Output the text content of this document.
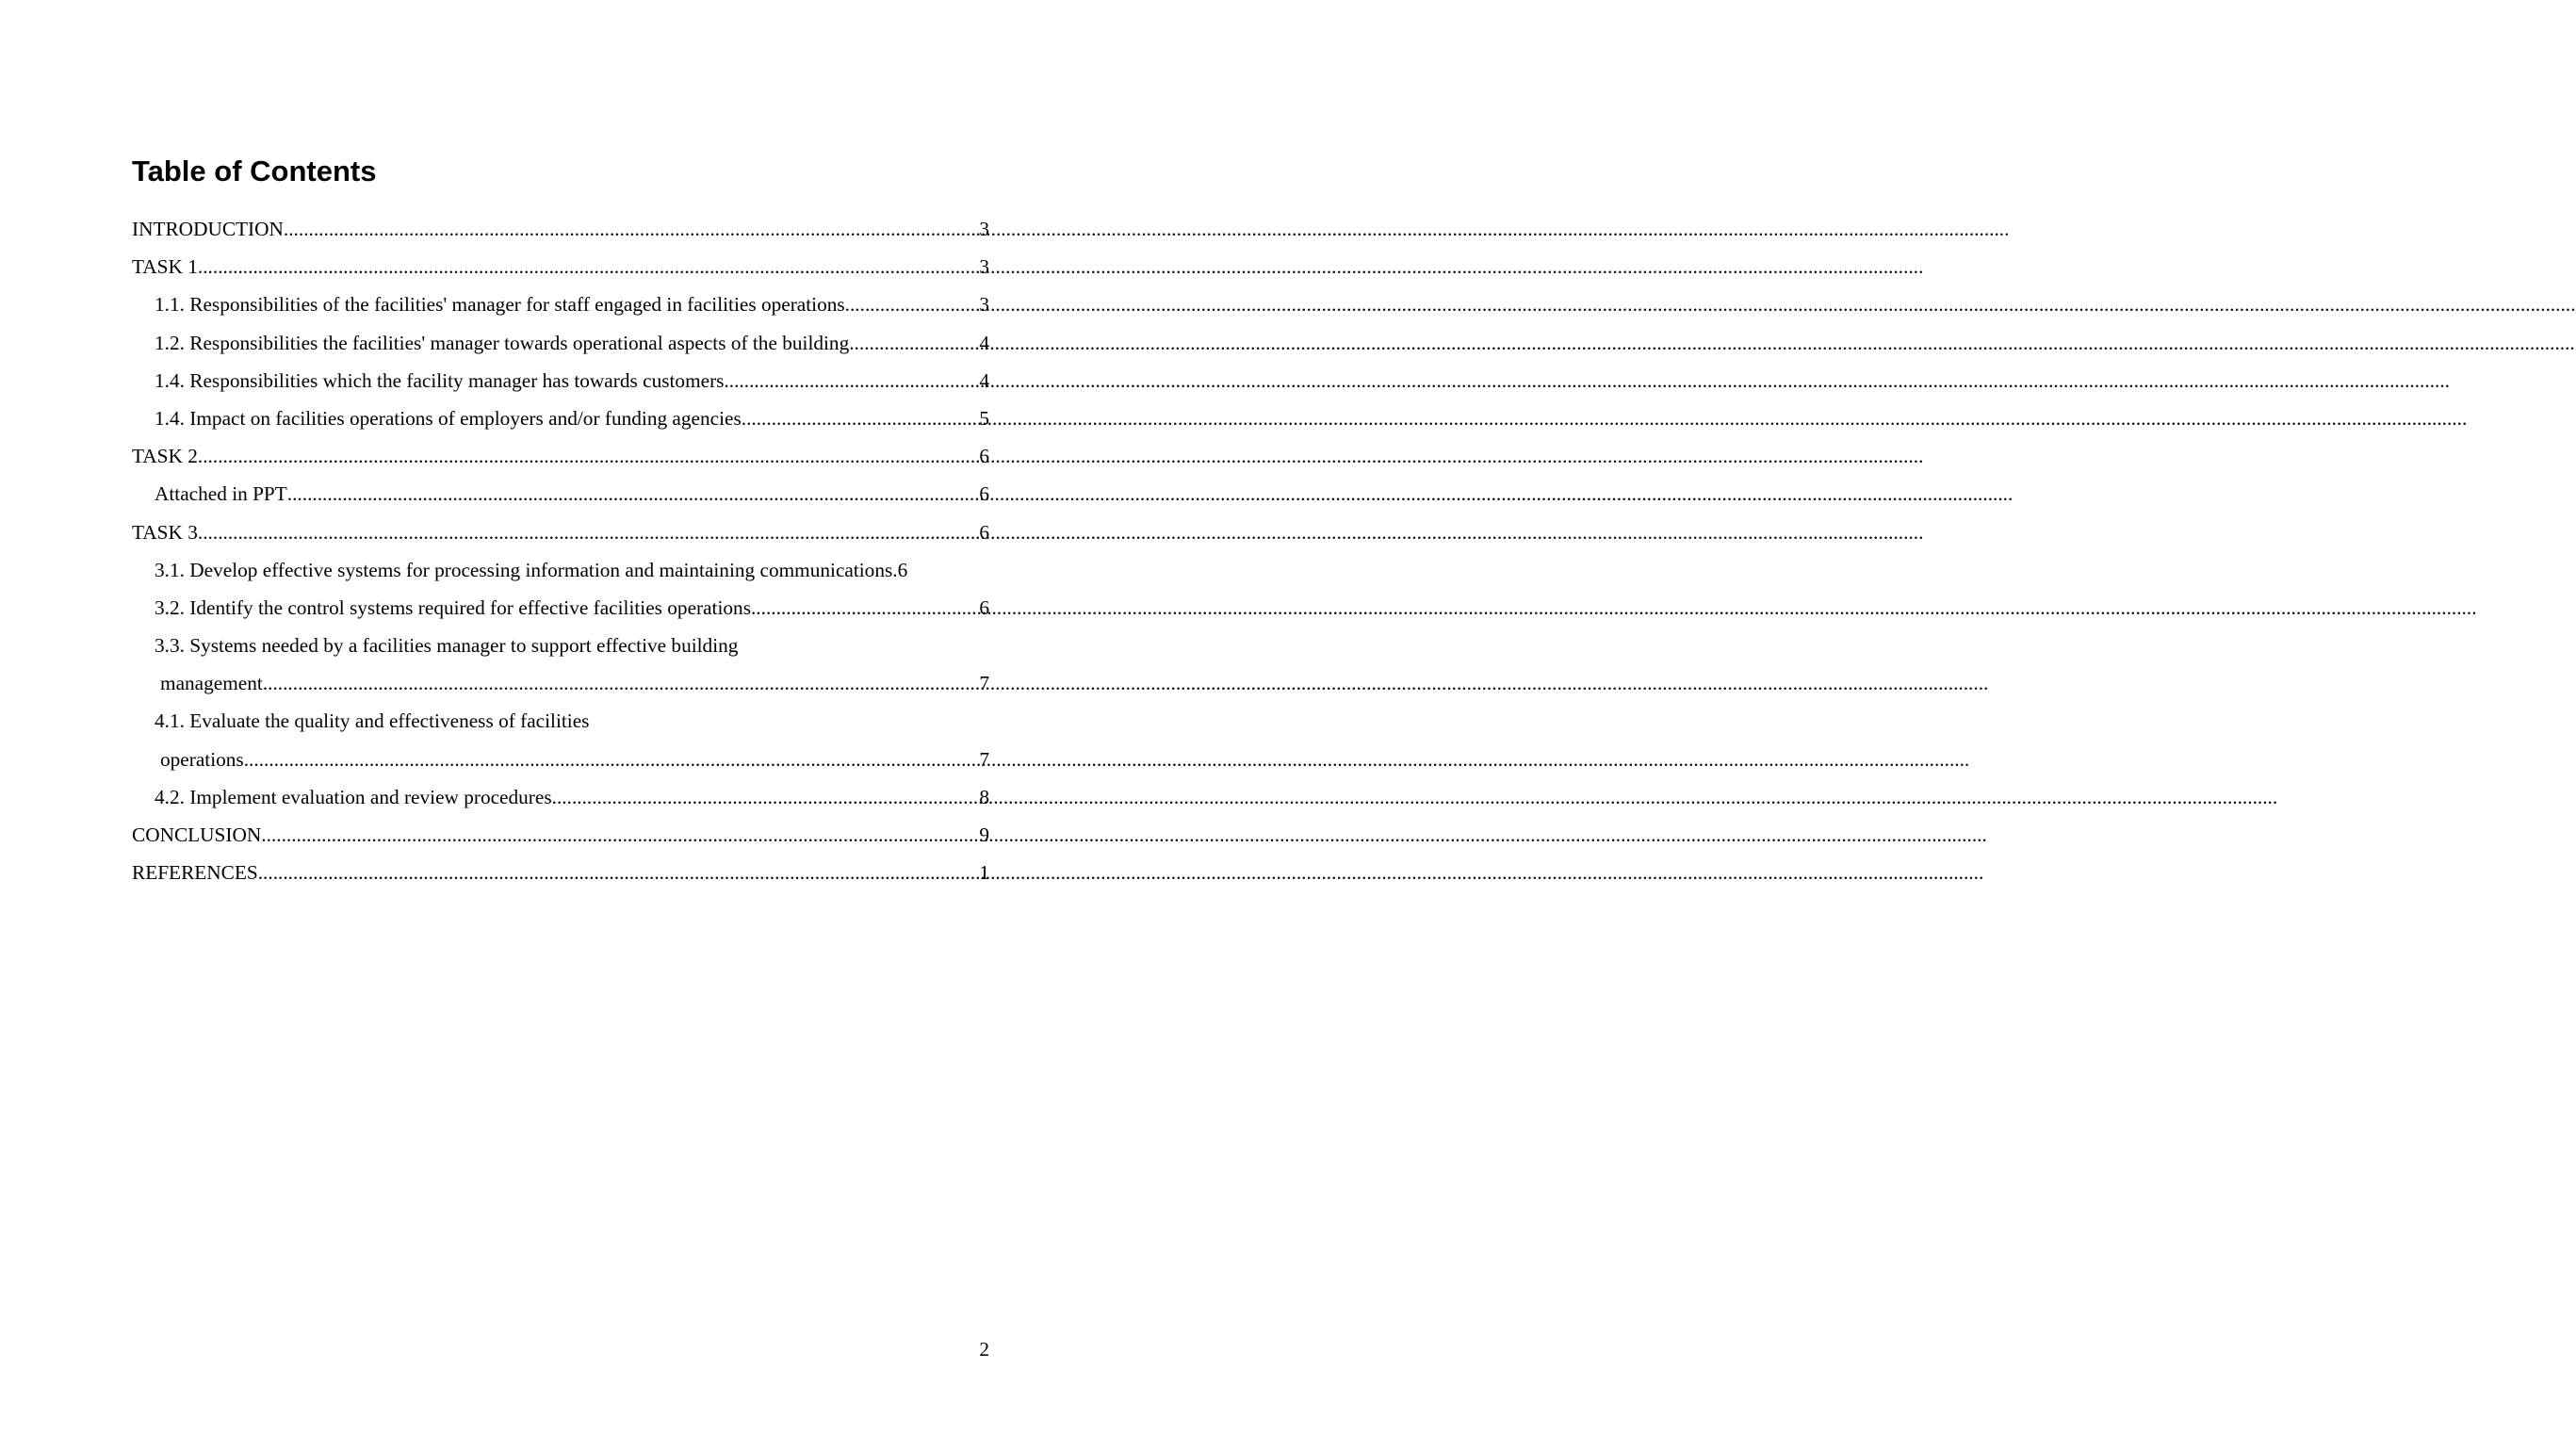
Table of Contents
INTRODUCTION .....	3
TASK 1 .....	3
1.1. Responsibilities of the facilities' manager for staff engaged in facilities operations. .....	3
1.2. Responsibilities the facilities' manager towards operational aspects of the building .....	4
1.4. Responsibilities which the facility manager has towards customers .....	4
1.4. Impact on facilities operations of employers and/or funding agencies .....	5
TASK 2 .....	6
Attached in PPT .....	6
TASK 3 .....	6
3.1. Develop effective systems for processing information and maintaining communications. 6
3.2. Identify the control systems required for effective facilities operations .....	6
3.3. Systems needed by a facilities manager to support effective building
management .....	7
4.1. Evaluate the quality and effectiveness of facilities
operations .....	7
4.2. Implement evaluation and review procedures .....	8
CONCLUSION .....	9
REFERENCES .....	1
2
